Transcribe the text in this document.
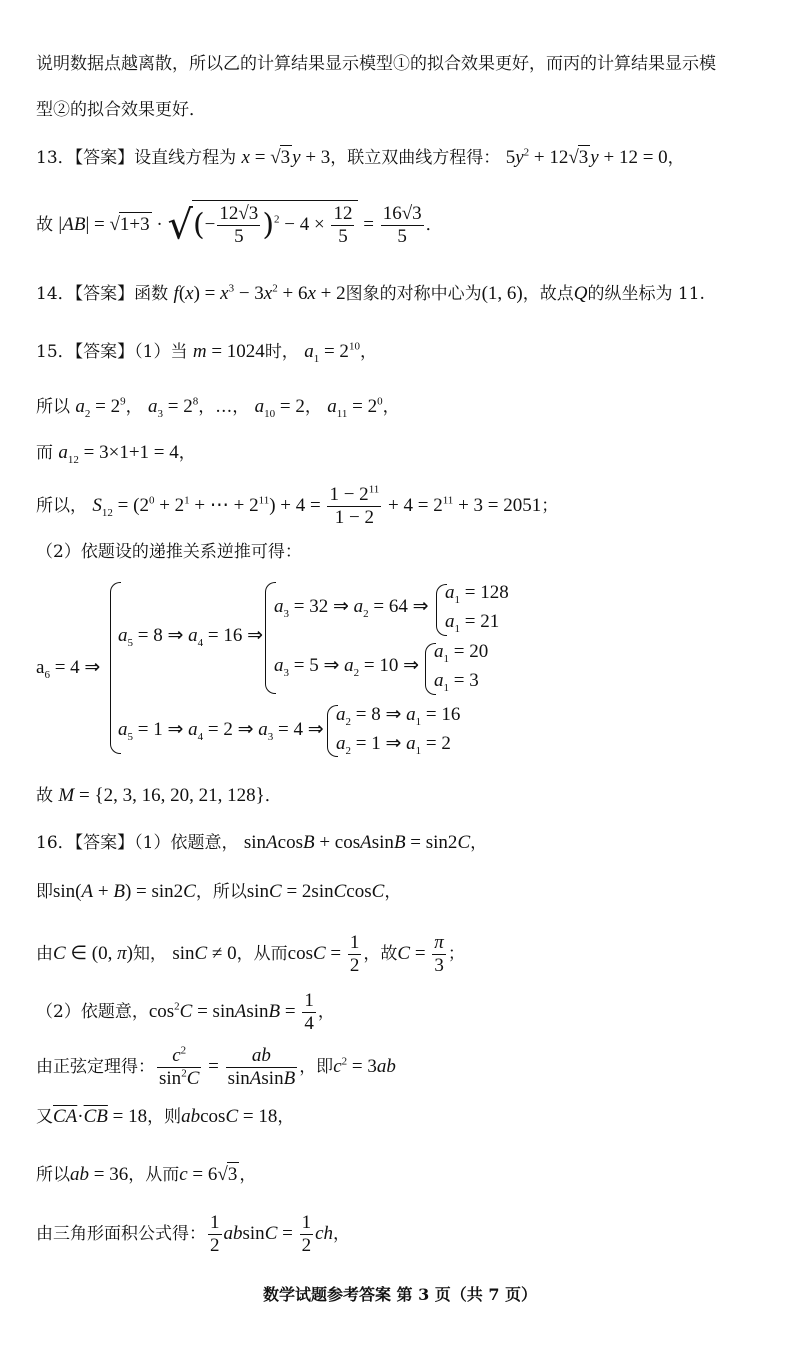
说明数据点越离散，所以乙的计算结果显示模型①的拟合效果更好，而丙的计算结果显示模
型②的拟合效果更好．
13．【答案】设直线方程为 x = √3 y + 3，联立双曲线方程得： $5y^2 + 12√3$ y + 12 = 0，
故 |AB| = √1+3 · √(− $\frac{12√3}{5} )^2 - 4 \times \frac{12}{5} = \frac{16√3}{5}$ ．
14．【答案】函数 $f(x) = x^3 - 3x^2 + 6x + 2$图象的对称中心为(1, 6)，故点Q的纵坐标为 11.
15．【答案】（1）当 m = 1024时， $a_1 = 2^{10}$，
所以 $a_2 = 2^9$， $a_3 = 2^8$，…， $a_{10} = 2$， $a_{11} = 2^0$，
而 $a_{12} = 3\times 1+1 = 4$，
所以， $S_{12} = (2^0 + 2^1$ + ⋯ + $2^{11}) + 4 = \frac{1 - 2^{11}}{1 - 2} + 4 = 2^{11} + 3 = 2051$；
（2）依题设的递推关系逆推可得：
$a_6 = 4$ ⇒
$a_5 = 8$ ⇒ $a_4 = 16$ ⇒
$a_3 = 32$ ⇒ $a_2 = 64$ ⇒
$a_1 = 128$
$a_1 = 21$
$a_3 = 5$ ⇒ $a_2 = 10$ ⇒
$a_1 = 20$
$a_1 = 3$
$a_5 = 1$ ⇒ $a_4 = 2$ ⇒ $a_3 = 4$ ⇒
$a_2 = 8$ ⇒ $a_1 = 16$
$a_2 = 1$ ⇒ $a_1 = 2$
故 M = {2, 3, 16, 20, 21, 128}．
16．【答案】（1）依题意， sinAcosB + cosAsinB = sin2C，
即sin(A + B) = sin2C，所以sinC = 2sinCcosC，
由C ∈ (0, π)知， sinC ≠ 0，从而$\cos C = \frac{1}{2}$ ，故$C = \frac{\pi}{3}$ ；
（2）依题意，$\cos^2C$ = sinAsinB = $\frac{1}{4}$ ，
由正弦定理得： $\frac{c^2}{\sin^2C} = \frac{ab}{\text{sinAsinB}}$ ，即$c^2 = 3ab$
又$\overline{CA}\cdot\overline{CB} = 18$，则abcosC = 18，
所以ab = 36，从而c = 6√3 ，
由三角形面积公式得： $\frac{1}{2}$ $absinC = \frac{1}{2}$ ch，
数学试题参考答案 第 3 页（共 7 页）
